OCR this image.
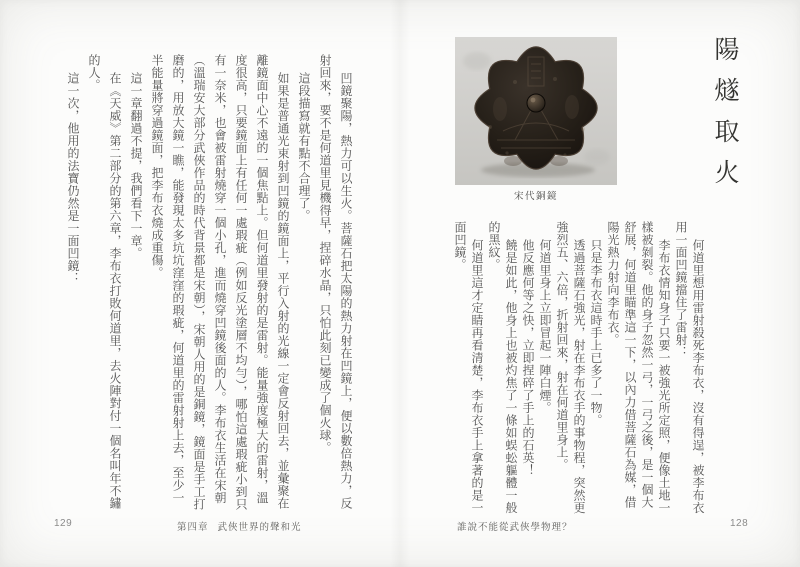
凹鏡聚陽，熱力可以生火。菩薩石把太陽的熱力射在凹鏡上，便以數倍熱力，反射回來，要不是何道里見機得早，捏碎水晶，只怕此刻已變成了個火球。

這段描寫就有點不合理了。

如果是普通光束射到凹鏡的鏡面上，平行入射的光線一定會反射回去，並彙聚在離鏡面中心不遠的一個焦點上。但何道里發射的是雷射。能量強度極大的雷射，溫度很高，只要鏡面上有任何一處瑕疵（例如反光塗層不均勻），哪怕這處瑕疵小到只有一奈米，也會被雷射燒穿一個小孔，進而燒穿凹鏡後面的人。李布衣生活在宋朝（溫瑞安大部分武俠作品的時代背景都是宋朝），宋朝人用的是銅鏡，鏡面是手工打磨的，用放大鏡一瞧，能發現太多坑坑窪窪的瑕疵，何道里的雷射射上去，至少一半能量將穿過鏡面，把李布衣燒成重傷。

這一章翻過不提，我們看下一章。

在《天威》第二部分的第六章，李布衣打敗何道里，去火陣對付一個名叫年不鏽的人。

這一次，他用的法寶仍然是一面凹鏡：

129	第四章 武俠世界的聲和光
陽燧取火
宋代銅鏡

何道里想用雷射殺死李布衣，沒有得逞，被李布衣用一面凹鏡擋住了雷射：

李布衣情知身子只要一被強光所定照，便像土地一樣被剝裂。他的身子忽然一弓，一弓之後，是一個大舒展，何道里瞄準這一下，以內力借菩薩石為媒，借陽光熱力射向李布衣。

只是李布衣這時手上已多了一物。

透過菩薩石強光，射在李布衣手的事物程，突然更強烈五、六倍，折射回來，射在何道里身上。

何道里身上立即冒起一陣白煙。

他反應何等之快，立即捏碎了手上的石英！

饒是如此，他身上也被灼焦了一條如蜈蚣軀體一般的黑紋。

何道里這才定睛再看清楚，李布衣手上拿著的是一面凹鏡。

誰說不能從武俠學物理？	128
